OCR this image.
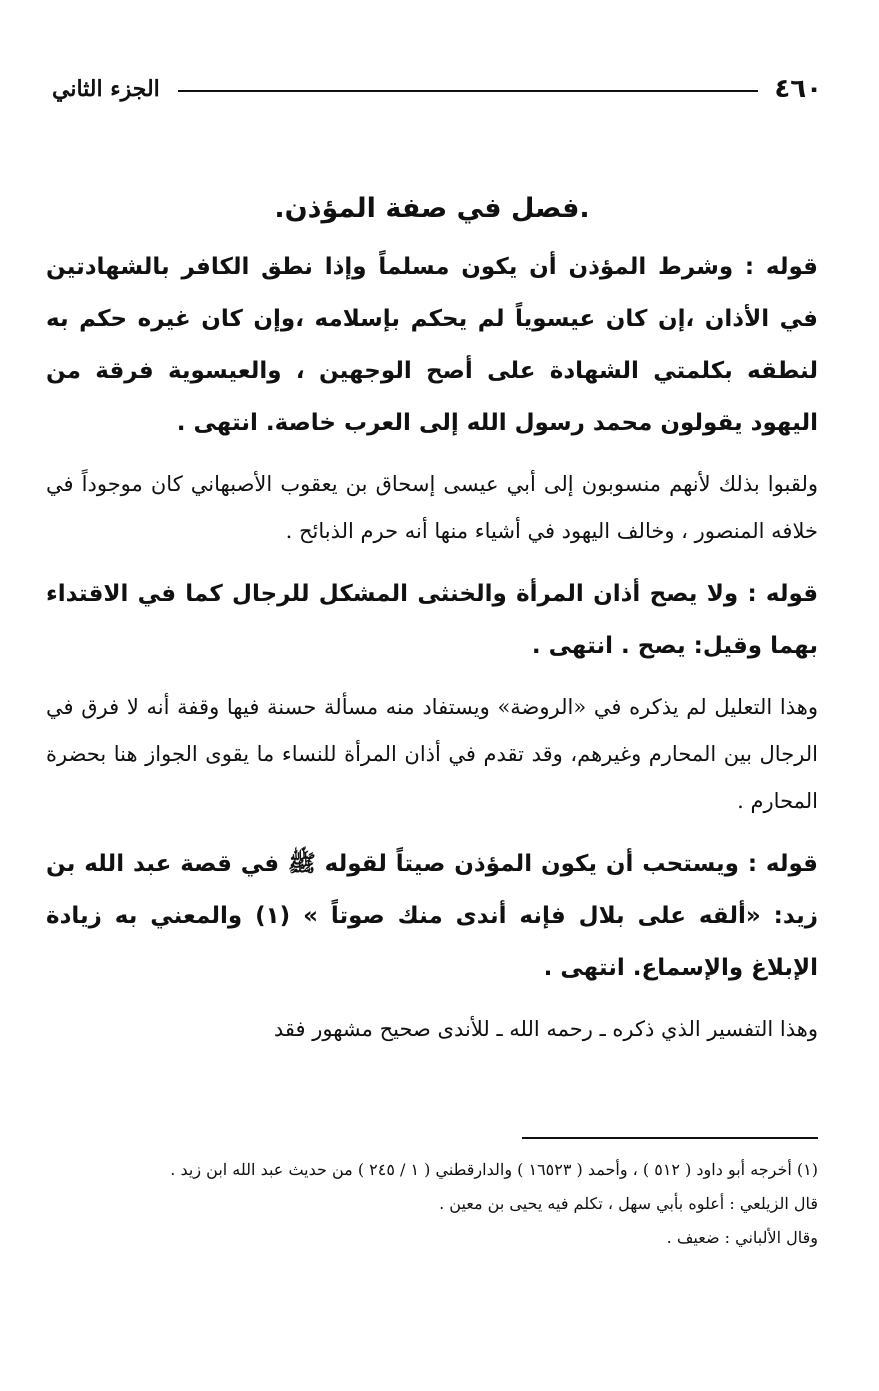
٤٦٠
الجزء الثاني
.فصل في صفة المؤذن.

قوله : وشرط المؤذن أن يكون مسلماً وإذا نطق الكافر بالشهادتين في الأذان ،إن كان عيسوياً لم يحكم بإسلامه ،وإن كان غيره حكم به لنطقه بكلمتي الشهادة على أصح الوجهين ، والعيسوية فرقة من اليهود يقولون محمد رسول الله إلى العرب خاصة. انتهى .

ولقبوا بذلك لأنهم منسوبون إلى أبي عيسى إسحاق بن يعقوب الأصبهاني كان موجوداً في خلافه المنصور ، وخالف اليهود في أشياء منها أنه حرم الذبائح .

قوله : ولا يصح أذان المرأة والخنثى المشكل للرجال كما في الاقتداء بهما وقيل: يصح . انتهى .

وهذا التعليل لم يذكره في «الروضة» ويستفاد منه مسألة حسنة فيها وقفة أنه لا فرق في الرجال بين المحارم وغيرهم، وقد تقدم في أذان المرأة للنساء ما يقوى الجواز هنا بحضرة المحارم .

قوله : ويستحب أن يكون المؤذن صيتاً لقوله ﷺ في قصة عبد الله بن زيد: «ألقه على بلال فإنه أندى منك صوتاً » (١) والمعني به زيادة الإبلاغ والإسماع. انتهى .

وهذا التفسير الذي ذكره ـ رحمه الله ـ للأندى صحيح مشهور فقد

(١) أخرجه أبو داود ( ٥١٢ ) ، وأحمد ( ١٦٥٢٣ ) والدارقطني ( ١ / ٢٤٥ ) من حديث عبد الله ابن زيد .

قال الزيلعي : أعلوه بأبي سهل ، تكلم فيه يحيى بن معين .

وقال الألباني : ضعيف .
